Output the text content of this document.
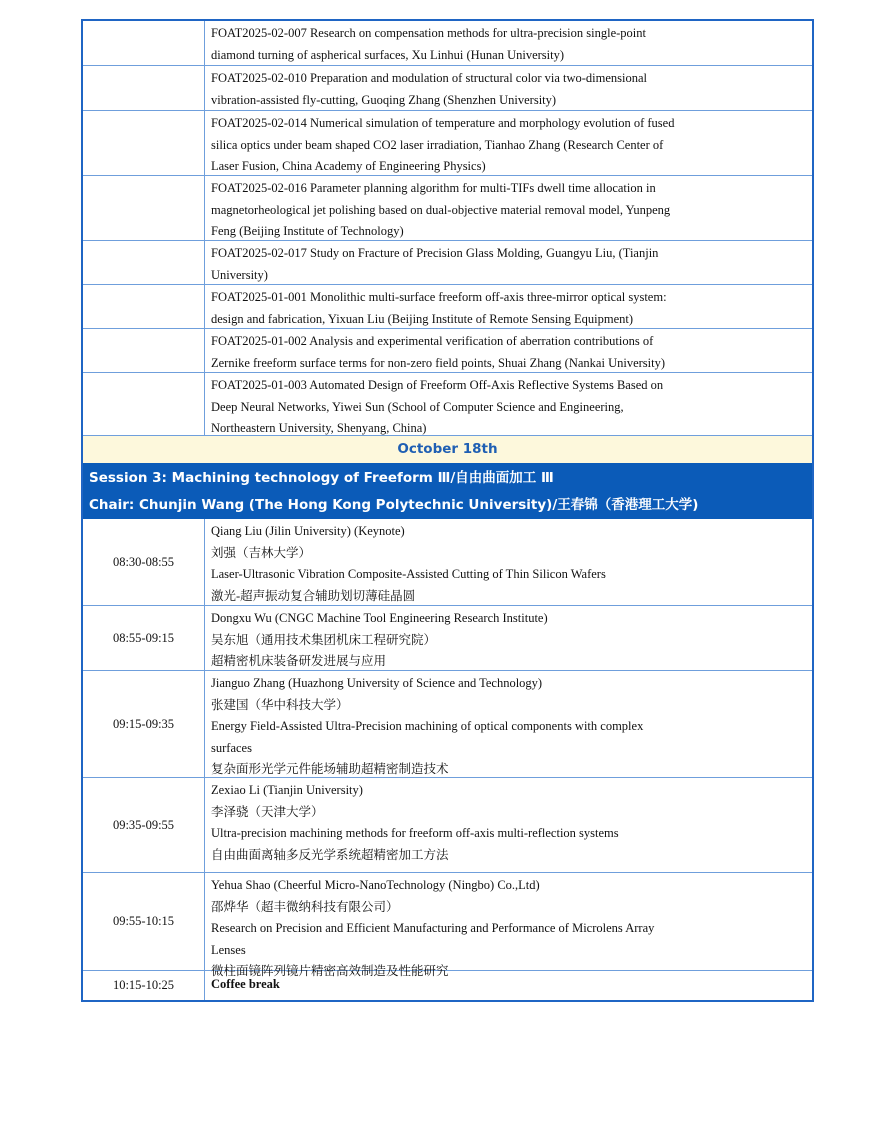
FOAT2025-02-007 Research on compensation methods for ultra-precision single-point
diamond turning of aspherical surfaces, Xu Linhui (Hunan University)
FOAT2025-02-010 Preparation and modulation of structural color via two-dimensional
vibration-assisted fly-cutting, Guoqing Zhang (Shenzhen University)
FOAT2025-02-014 Numerical simulation of temperature and morphology evolution of fused
silica optics under beam shaped CO2 laser irradiation, Tianhao Zhang (Research Center of
Laser Fusion, China Academy of Engineering Physics)
FOAT2025-02-016 Parameter planning algorithm for multi-TIFs dwell time allocation in
magnetorheological jet polishing based on dual-objective material removal model, Yunpeng
Feng (Beijing Institute of Technology)
FOAT2025-02-017 Study on Fracture of Precision Glass Molding, Guangyu Liu, (Tianjin
University)
FOAT2025-01-001 Monolithic multi-surface freeform off-axis three-mirror optical system:
design and fabrication, Yixuan Liu (Beijing Institute of Remote Sensing Equipment)
FOAT2025-01-002 Analysis and experimental verification of aberration contributions of
Zernike freeform surface terms for non-zero field points, Shuai Zhang (Nankai University)
FOAT2025-01-003 Automated Design of Freeform Off-Axis Reflective Systems Based on
Deep Neural Networks, Yiwei Sun (School of Computer Science and Engineering,
Northeastern University, Shenyang, China)
October 18th
Session 3: Machining technology of Freeform Ⅲ/自由曲面加工 Ⅲ
Chair: Chunjin Wang (The Hong Kong Polytechnic University)/王春锦（香港理工大学)
08:30-08:55
Qiang Liu (Jilin University) (Keynote)
刘强（吉林大学）
Laser-Ultrasonic Vibration Composite-Assisted Cutting of Thin Silicon Wafers
激光-超声振动复合辅助划切薄硅晶圆
08:55-09:15
Dongxu Wu (CNGC Machine Tool Engineering Research Institute)
吴东旭（通用技术集团机床工程研究院）
超精密机床装备研发进展与应用
09:15-09:35
Jianguo Zhang (Huazhong University of Science and Technology)
张建国（华中科技大学）
Energy Field-Assisted Ultra-Precision machining of optical components with complex
surfaces
复杂面形光学元件能场辅助超精密制造技术
09:35-09:55
Zexiao Li (Tianjin University)
李泽骁（天津大学）
Ultra-precision machining methods for freeform off-axis multi-reflection systems
自由曲面离轴多反光学系统超精密加工方法
09:55-10:15
Yehua Shao (Cheerful Micro-NanoTechnology (Ningbo) Co.,Ltd)
邵烨华（超丰微纳科技有限公司）
Research on Precision and Efficient Manufacturing and Performance of Microlens Array
Lenses
微柱面镜阵列镜片精密高效制造及性能研究
10:15-10:25	Coffee break
